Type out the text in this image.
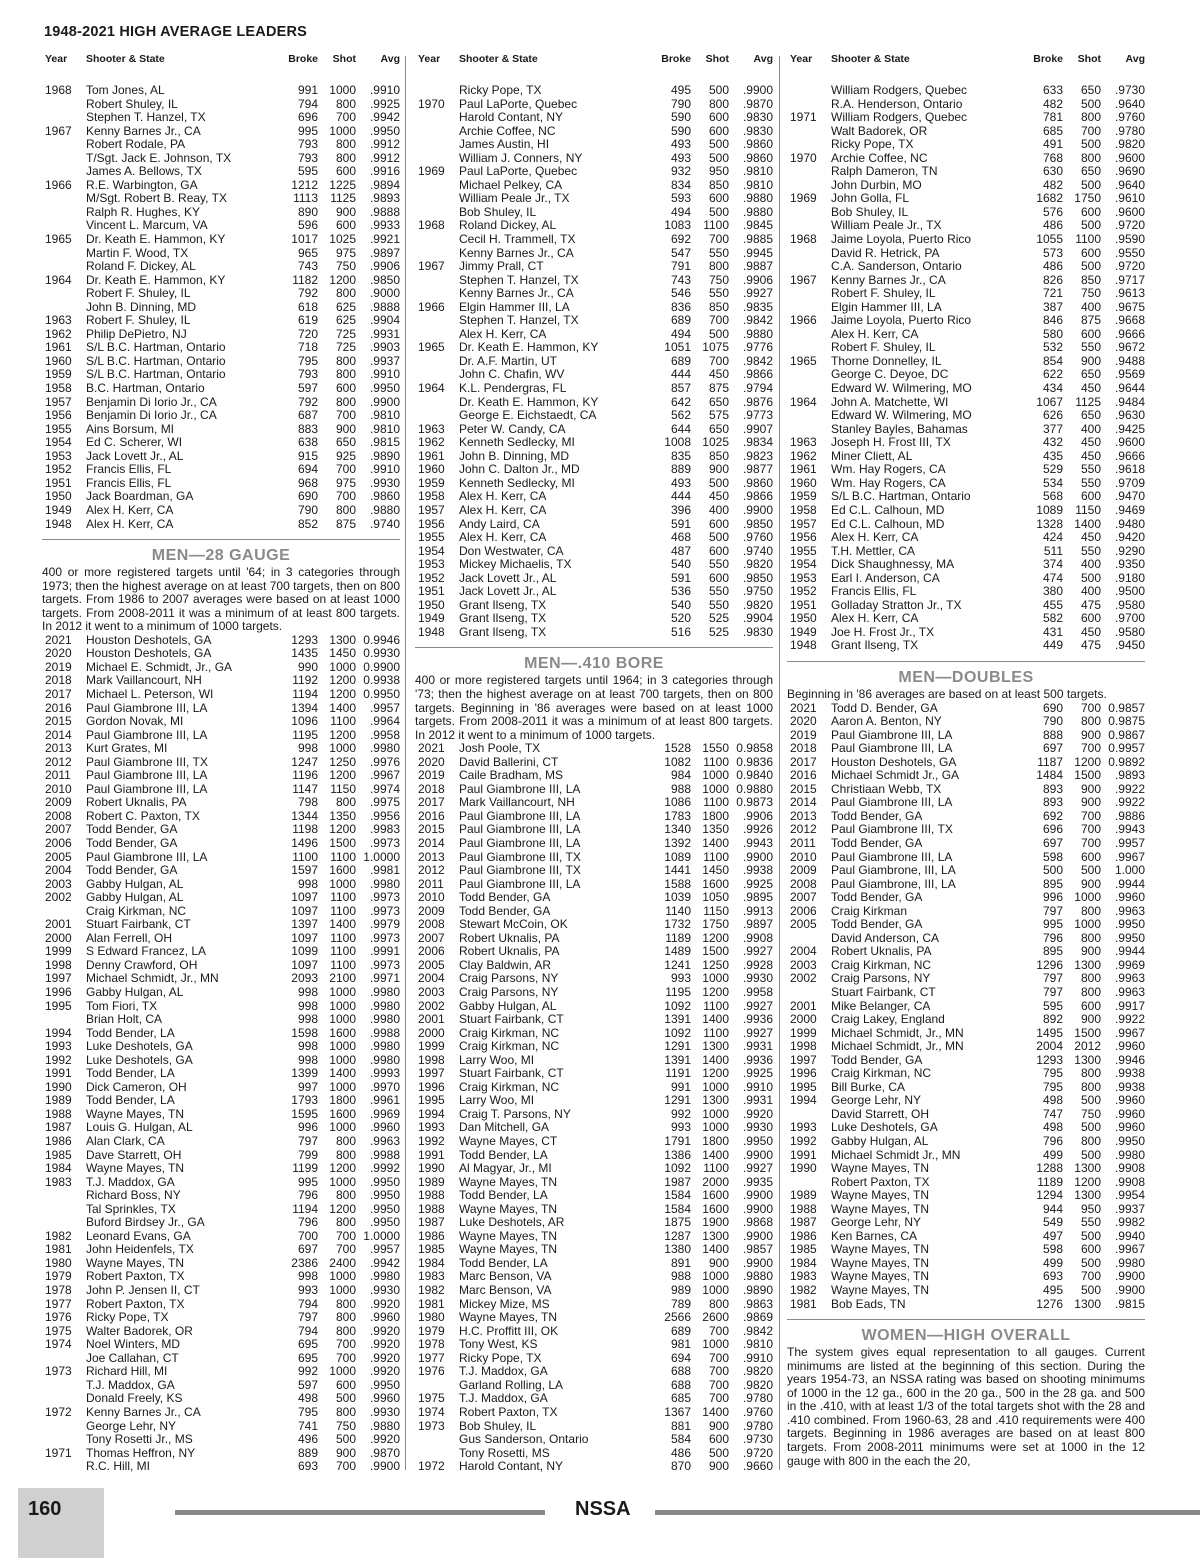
1948-2021 HIGH AVERAGE LEADERS
Year	Shooter & State	Broke	Shot	Avg
1968	Tom Jones, AL	991 1000	.9910
Robert Shuley, IL	794	800	.9925
Stephen T. Hanzel, TX	696	700	.9942
1967	Kenny Barnes Jr., CA	995 1000	.9950
Robert Rodale, PA	793	800	.9912
T/Sgt. Jack E. Johnson, TX	793	800	.9912
James A. Bellows, TX	595	600	.9916
1966	R.E. Warbington, GA	1212 1225	.9894
M/Sgt. Robert B. Reay, TX	1113	1125	.9893
Ralph R. Hughes, KY	890	900	.9888
Vincent L. Marcum, VA	596	600	.9933
1965	Dr. Keath E. Hammon, KY	1017 1025	.9921
Martin F. Wood, TX	965	975	.9897
Roland F. Dickey, AL	743	750	.9906
1964	Dr. Keath E. Hammon, KY	1182 1200	.9850
Robert F. Shuley, IL	792	800	.9000
John B. Dinning, MD	618	625	.9888
1963	Robert F. Shuley, IL	619	625	.9904
1962	Philip DePietro, NJ	720	725	.9931
1961	S/L B.C. Hartman, Ontario	718	725	.9903
1960	S/L B.C. Hartman, Ontario	795	800	.9937
1959	S/L B.C. Hartman, Ontario	793	800	.9910
1958	B.C. Hartman, Ontario	597	600	.9950
1957	Benjamin Di Iorio Jr., CA	792	800	.9900
1956	Benjamin Di Iorio Jr., CA	687	700	.9810
1955	Ains Borsum, MI	883	900	.9810
1954	Ed C. Scherer, WI	638	650	.9815
1953	Jack Lovett Jr., AL	915	925	.9890
1952	Francis Ellis, FL	694	700	.9910
1951	Francis Ellis, FL	968	975	.9930
1950	Jack Boardman, GA	690	700	.9860
1949	Alex H. Kerr, CA	790	800	.9880
1948	Alex H. Kerr, CA	852	875	.9740
MEN—28 GAUGE
400 or more registered targets until '64; in 3 categories through 1973; then the highest average on at least 700 targets, then on 800 targets. From 1986 to 2007 averages were based on at least 1000 targets. From 2008-2011 it was a minimum of at least 800 targets. In 2012 it went to a minimum of 1000 targets.
2021	Houston Deshotels, GA	1293 1300 0.9946
2020	Houston Deshotels, GA	1435 1450 0.9930
2019	Michael E. Schmidt, Jr., GA	990 1000 0.9900
2018	Mark Vaillancourt, NH	1192 1200 0.9938
2017	Michael L. Peterson, WI	1194 1200 0.9950
2016	Paul Giambrone III, LA	1394 1400	.9957
2015	Gordon Novak, MI	1096	1100	.9964
2014	Paul Giambrone III, LA	1195 1200	.9958
2013	Kurt Grates, MI	998 1000	.9980
2012	Paul Giambrone III, TX	1247 1250	.9976
2011	Paul Giambrone III, LA	1196 1200	.9967
2010	Paul Giambrone III, LA	1147	1150	.9974
2009	Robert Uknalis, PA	798	800	.9975
2008	Robert C. Paxton, TX	1344 1350	.9956
2007	Todd Bender, GA	1198 1200	.9983
2006	Todd Bender, GA	1496 1500	.9973
2005	Paul Giambrone III, LA	1100	1100 1.0000
2004	Todd Bender, GA	1597 1600	.9981
2003	Gabby Hulgan, AL	998 1000	.9980
2002	Gabby Hulgan, AL	1097	1100	.9973
Craig Kirkman, NC	1097	1100	.9973
2001	Stuart Fairbank, CT	1397 1400	.9979
2000	Alan Ferrell, OH	1097	1100	.9973
1999	S Edward Francez, LA	1099	1100	.9991
1998	Denny Crawford, OH	1097	1100	.9973
1997	Michael Schmidt, Jr., MN	2093 2100	.9971
1996	Gabby Hulgan, AL	998 1000	.9980
1995	Tom Fiori, TX	998 1000	.9980
Brian Holt, CA	998 1000	.9980
1994	Todd Bender, LA	1598 1600	.9988
1993	Luke Deshotels, GA	998 1000	.9980
1992	Luke Deshotels, GA	998 1000	.9980
1991	Todd Bender, LA	1399 1400	.9993
1990	Dick Cameron, OH	997 1000	.9970
1989	Todd Bender, LA	1793 1800	.9961
1988	Wayne Mayes, TN	1595 1600	.9969
1987	Louis G. Hulgan, AL	996 1000	.9960
1986	Alan Clark, CA	797	800	.9963
1985	Dave Starrett, OH	799	800	.9988
1984	Wayne Mayes, TN	1199 1200	.9992
1983	T.J. Maddox, GA	995 1000	.9950
Richard Boss, NY	796	800	.9950
Tal Sprinkles, TX	1194 1200	.9950
Buford Birdsey Jr., GA	796	800	.9950
1982	Leonard Evans, GA	700	700 1.0000
1981	John Heidenfels, TX	697	700	.9957
1980	Wayne Mayes, TN	2386 2400	.9942
1979	Robert Paxton, TX	998 1000	.9980
1978	John P. Jensen II, CT	993 1000	.9930
1977	Robert Paxton, TX	794	800	.9920
1976	Ricky Pope, TX	797	800	.9960
1975	Walter Badorek, OR	794	800	.9920
1974	Noel Winters, MD	695	700	.9920
Joe Callahan, CT	695	700	.9920
1973	Richard Hill, MI	992 1000	.9920
T.J. Maddox, GA	597	600	.9950
Donald Freely, KS	498	500	.9960
1972	Kenny Barnes Jr., CA	795	800	.9930
George Lehr, NY	741	750	.9880
Tony Rosetti Jr., MS	496	500	.9920
1971	Thomas Heffron, NY	889	900	.9870
R.C. Hill, MI	693	700	.9900
Year	Shooter & State	Broke	Shot	Avg
Ricky Pope, TX	495	500	.9900
1970	Paul LaPorte, Quebec	790	800	.9870
Harold Contant, NY	590	600	.9830
Archie Coffee, NC	590	600	.9830
James Austin, HI	493	500	.9860
William J. Conners, NY	493	500	.9860
1969	Paul LaPorte, Quebec	932	950	.9810
Michael Pelkey, CA	834	850	.9810
William Peale Jr., TX	593	600	.9880
Bob Shuley, IL	494	500	.9880
1968	Roland Dickey, AL	1083	1100	.9845
Cecil H. Trammell, TX	692	700	.9885
Kenny Barnes Jr., CA	547	550	.9945
1967	Jimmy Prall, CT	791	800	.9887
Stephen T. Hanzel, TX	743	750	.9906
Kenny Barnes Jr., CA	546	550	.9927
1966	Elgin Hammer III, LA	836	850	.9835
Stephen T. Hanzel, TX	689	700	.9842
Alex H. Kerr, CA	494	500	.9880
1965	Dr. Keath E. Hammon, KY	1051 1075	.9776
Dr. A.F. Martin, UT	689	700	.9842
John C. Chafin, WV	444	450	.9866
1964	K.L. Pendergras, FL	857	875	.9794
Dr. Keath E. Hammon, KY	642	650	.9876
George E. Eichstaedt, CA	562	575	.9773
1963	Peter W. Candy, CA	644	650	.9907
1962	Kenneth Sedlecky, MI	1008 1025	.9834
1961	John B. Dinning, MD	835	850	.9823
1960	John C. Dalton Jr., MD	889	900	.9877
1959	Kenneth Sedlecky, MI	493	500	.9860
1958	Alex H. Kerr, CA	444	450	.9866
1957	Alex H. Kerr, CA	396	400	.9900
1956	Andy Laird, CA	591	600	.9850
1955	Alex H. Kerr, CA	468	500	.9760
1954	Don Westwater, CA	487	600	.9740
1953	Mickey Michaelis, TX	540	550	.9820
1952	Jack Lovett Jr., AL	591	600	.9850
1951	Jack Lovett Jr., AL	536	550	.9750
1950	Grant Ilseng, TX	540	550	.9820
1949	Grant Ilseng, TX	520	525	.9904
1948	Grant Ilseng, TX	516	525	.9830
MEN—.410 BORE
400 or more registered targets until 1964; in 3 categories through '73; then the highest average on at least 700 targets, then on 800 targets. Beginning in '86 averages were based on at least 1000 targets. From 2008-2011 it was a minimum of at least 800 targets. In 2012 it went to a minimum of 1000 targets.
2021	Josh Poole, TX	1528 1550 0.9858
2020	David Ballerini, CT	1082	1100 0.9836
2019	Caile Bradham, MS	984 1000 0.9840
2018	Paul Giambrone III, LA	988 1000 0.9880
2017	Mark Vaillancourt, NH	1086	1100 0.9873
2016	Paul Giambrone III, LA	1783 1800	.9906
2015	Paul Giambrone III, LA	1340 1350	.9926
2014	Paul Giambrone III, LA	1392 1400	.9943
2013	Paul Giambrone III, TX	1089	1100	.9900
2012	Paul Giambrone III, TX	1441 1450	.9938
2011	Paul Giambrone III, LA	1588 1600	.9925
2010	Todd Bender, GA	1039 1050	.9895
2009	Todd Bender, GA	1140	1150	.9913
2008	Stewart McCoin, OK	1732 1750	.9897
2007	Robert Uknalis, PA	1189 1200	.9908
2006	Robert Uknalis, PA	1489 1500	.9927
2005	Clay Baldwin, AR	1241 1250	.9928
2004	Craig Parsons, NY	993 1000	.9930
2003	Craig Parsons, NY	1195 1200	.9958
2002	Gabby Hulgan, AL	1092	1100	.9927
2001	Stuart Fairbank, CT	1391 1400	.9936
2000	Craig Kirkman, NC	1092	1100	.9927
1999	Craig Kirkman, NC	1291 1300	.9931
1998	Larry Woo, MI	1391 1400	.9936
1997	Stuart Fairbank, CT	1191 1200	.9925
1996	Craig Kirkman, NC	991 1000	.9910
1995	Larry Woo, MI	1291 1300	.9931
1994	Craig T. Parsons, NY	992 1000	.9920
1993	Dan Mitchell, GA	993 1000	.9930
1992	Wayne Mayes, CT	1791 1800	.9950
1991	Todd Bender, LA	1386 1400	.9900
1990	Al Magyar, Jr., MI	1092	1100	.9927
1989	Wayne Mayes, TN	1987 2000	.9935
1988	Todd Bender, LA	1584 1600	.9900
1988	Wayne Mayes, TN	1584 1600	.9900
1987	Luke Deshotels, AR	1875 1900	.9868
1986	Wayne Mayes, TN	1287 1300	.9900
1985	Wayne Mayes, TN	1380 1400	.9857
1984	Todd Bender, LA	891	900	.9900
1983	Marc Benson, VA	988 1000	.9880
1982	Marc Benson, VA	989 1000	.9890
1981	Mickey Mize, MS	789	800	.9863
1980	Wayne Mayes, TN	2566 2600	.9869
1979	H.C. Proffitt III, OK	689	700	.9842
1978	Tony West, KS	981 1000	.9810
1977	Ricky Pope, TX	694	700	.9910
1976	T.J. Maddox, GA	688	700	.9820
Garland Rolling, LA	688	700	.9820
1975	T.J. Maddox, GA	685	700	.9780
1974	Robert Paxton, TX	1367 1400	.9760
1973	Bob Shuley, IL	881	900	.9780
Gus Sanderson, Ontario	584	600	.9730
Tony Rosetti, MS	486	500	.9720
1972	Harold Contant, NY	870	900	.9660
Year	Shooter & State	Broke	Shot	Avg
William Rodgers, Quebec	633	650	.9730
R.A. Henderson, Ontario	482	500	.9640
1971	William Rodgers, Quebec	781	800	.9760
Walt Badorek, OR	685	700	.9780
Ricky Pope, TX	491	500	.9820
1970	Archie Coffee, NC	768	800	.9600
Ralph Dameron, TN	630	650	.9690
John Durbin, MO	482	500	.9640
1969	John Golla, FL	1682 1750	.9610
Bob Shuley, IL	576	600	.9600
William Peale Jr., TX	486	500	.9720
1968	Jaime Loyola, Puerto Rico	1055	1100	.9590
David R. Hetrick, PA	573	600	.9550
C.A. Sanderson, Ontario	486	500	.9720
1967	Kenny Barnes Jr., CA	826	850	.9717
Robert F. Shuley, IL	721	750	.9613
Elgin Hammer III, LA	387	400	.9675
1966	Jaime Loyola, Puerto Rico	846	875	.9668
Alex H. Kerr, CA	580	600	.9666
Robert F. Shuley, IL	532	550	.9672
1965	Thorne Donnelley, IL	854	900	.9488
George C. Deyoe, DC	622	650	.9569
Edward W. Wilmering, MO	434	450	.9644
1964	John A. Matchette, WI	1067	1125	.9484
Edward W. Wilmering, MO	626	650	.9630
Stanley Bayles, Bahamas	377	400	.9425
1963	Joseph H. Frost III, TX	432	450	.9600
1962	Miner Cliett, AL	435	450	.9666
1961	Wm. Hay Rogers, CA	529	550	.9618
1960	Wm. Hay Rogers, CA	534	550	.9709
1959	S/L B.C. Hartman, Ontario	568	600	.9470
1958	Ed C.L. Calhoun, MD	1089	1150	.9469
1957	Ed C.L. Calhoun, MD	1328 1400	.9480
1956	Alex H. Kerr, CA	424	450	.9420
1955	T.H. Mettler, CA	511	550	.9290
1954	Dick Shaughnessy, MA	374	400	.9350
1953	Earl I. Anderson, CA	474	500	.9180
1952	Francis Ellis, FL	380	400	.9500
1951	Golladay Stratton Jr., TX	455	475	.9580
1950	Alex H. Kerr, CA	582	600	.9700
1949	Joe H. Frost Jr., TX	431	450	.9580
1948	Grant Ilseng, TX	449	475	.9450
MEN—DOUBLES
Beginning in '86 averages are based on at least 500 targets.
2021	Todd D. Bender, GA	690	700 0.9857
2020	Aaron A. Benton, NY	790	800 0.9875
2019	Paul Giambrone III, LA	888	900 0.9867
2018	Paul Giambrone III, LA	697	700 0.9957
2017	Houston Deshotels, GA	1187 1200 0.9892
2016	Michael Schmidt Jr., GA	1484 1500	.9893
2015	Christiaan Webb, TX	893	900	.9922
2014	Paul Giambrone III, LA	893	900	.9922
2013	Todd Bender, GA	692	700	.9886
2012	Paul Giambrone III, TX	696	700	.9943
2011	Todd Bender, GA	697	700	.9957
2010	Paul Giambrone III, LA	598	600	.9967
2009	Paul Giambrone, III, LA	500	500	1.000
2008	Paul Giambrone, III, LA	895	900	.9944
2007	Todd Bender, GA	996 1000	.9960
2006	Craig Kirkman	797	800	.9963
2005	Todd Bender, GA	995 1000	.9950
David Anderson, CA	796	800	.9950
2004	Robert Uknalis, PA	895	900	.9944
2003	Craig Kirkman, NC	1296 1300	.9969
2002	Craig Parsons, NY	797	800	.9963
Stuart Fairbank, CT	797	800	.9963
2001	Mike Belanger, CA	595	600	.9917
2000	Craig Lakey, England	892	900	.9922
1999	Michael Schmidt, Jr., MN	1495 1500	.9967
1998	Michael Schmidt, Jr., MN	2004 2012	.9960
1997	Todd Bender, GA	1293 1300	.9946
1996	Craig Kirkman, NC	795	800	.9938
1995	Bill Burke, CA	795	800	.9938
1994	George Lehr, NY	498	500	.9960
David Starrett, OH	747	750	.9960
1993	Luke Deshotels, GA	498	500	.9960
1992	Gabby Hulgan, AL	796	800	.9950
1991	Michael Schmidt Jr., MN	499	500	.9980
1990	Wayne Mayes, TN	1288 1300	.9908
Robert Paxton, TX	1189 1200	.9908
1989	Wayne Mayes, TN	1294 1300	.9954
1988	Wayne Mayes, TN	944	950	.9937
1987	George Lehr, NY	549	550	.9982
1986	Ken Barnes, CA	497	500	.9940
1985	Wayne Mayes, TN	598	600	.9967
1984	Wayne Mayes, TN	499	500	.9980
1983	Wayne Mayes, TN	693	700	.9900
1982	Wayne Mayes, TN	495	500	.9900
1981	Bob Eads, TN	1276 1300	.9815
WOMEN—HIGH OVERALL
The system gives equal representation to all gauges. Current minimums are listed at the beginning of this section. During the years 1954-73, an NSSA rating was based on shooting minimums of 1000 in the 12 ga., 600 in the 20 ga., 500 in the 28 ga. and 500 in the .410, with at least 1/3 of the total targets shot with the 28 and .410 combined. From 1960-63, 28 and .410 requirements were 400 targets. Beginning in 1986 averages are based on at least 800 targets. From 2008-2011 minimums were set at 1000 in the 12 gauge with 800 in the each the 20,
160	NSSA
